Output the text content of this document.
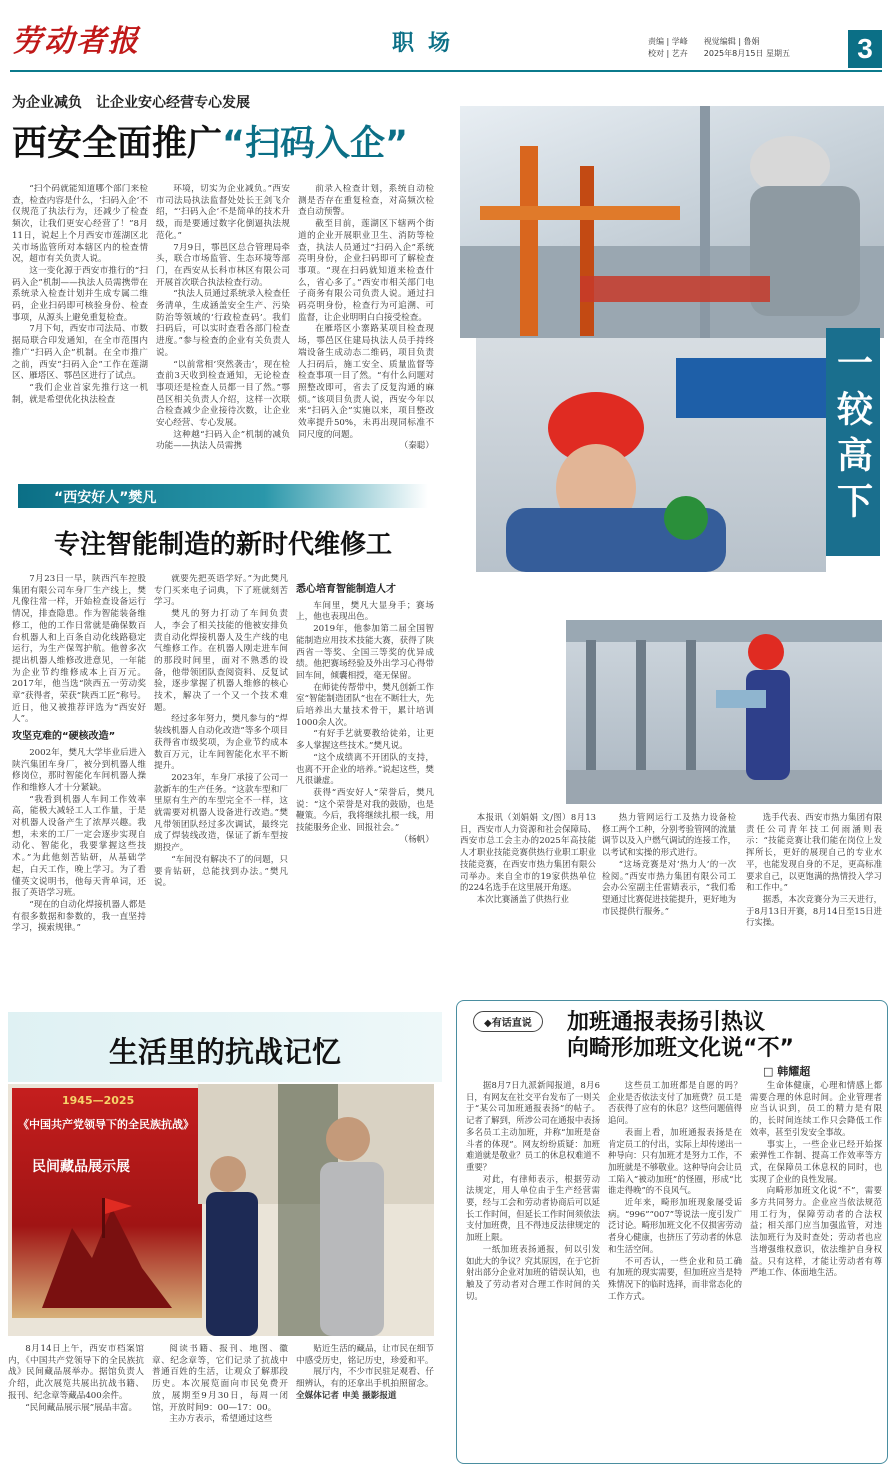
劳动者报	职场	责编 | 学峰　　视觉编辑 | 鲁娟
校对 | 艺卉　　2025年8月15日 星期五	3
为企业减负　让企业安心经营专心发展
西安全面推广“扫码入企”

“扫个码就能知道哪个部门来检查，检查内容是什么，‘扫码入企’不仅规范了执法行为，还减少了检查频次，让我们更安心经营了！”8月11日，说起上个月西安市莲湖区北关市场监管所对本辖区内的检查情况，超市有关负责人说。

这一变化源于西安市推行的“扫码入企”机制——执法人员需携带在系统录入检查计划并生成专属二维码，企业扫码即可核验身份、检查事项，从源头上避免重复检查。

7月下旬，西安市司法局、市数据局联合印发通知，在全市范围内推广“扫码入企”机制。在全市推广之前，西安“扫码入企”工作在莲湖区、雁塔区、鄠邑区进行了试点。

“我们企业首家先推行这一机制，就是希望优化执法检查

环境，切实为企业减负。”西安市司法局执法监督处处长王剑飞介绍，“‘扫码入企’不是简单的技术升级，而是要通过数字化倒逼执法规范化。”

7月9日，鄠邑区总合管理局牵头，联合市场监管、生态环境等部门，在西安从长科市林区有限公司开展首次联合执法检查行动。

“执法人员通过系统录入检查任务清单，生成涵盖安全生产、污染防治等领域的‘行政检查码’。我们扫码后，可以实时查看各部门检查进度。”参与检查的企业有关负责人说。

“以前常相‘突然袭击’，现在检查前3天收到检查通知，无论检查事项还是检查人员都一目了然。”鄠邑区相关负责人介绍，这样一次联合检查减少企业接待次数，让企业安心经营、专心发展。

这种越“扫码入企”机制的减负功能——执法人员需携

前录入检查计划，系统自动检测是否存在重复检查，对高频次检查自动预警。

截至目前，莲湖区下辖两个街道的企业开展职业卫生、消防等检查，执法人员通过“扫码入企”系统亮明身份，企业扫码即可了解检查事项。“现在扫码就知道来检查什么，省心多了。”西安市相关部门电子商务有限公司负责人说。通过扫码亮明身份，检查行为可追溯、可监督，让企业明明白白接受检查。

在雁塔区小寨路某项目检查现场，鄠邑区住建局执法人员手持终端设备生成动态二维码，项目负责人扫码后，施工安全、质量监督等检查事项一目了然。“有什么问题对照整改即可，省去了反复沟通的麻烦。”该项目负责人说，西安今年以来“扫码入企”实施以来，项目整改效率提升50%，未再出现同标准不同尺度的问题。

（秦聪）

“西安好人”樊凡
专注智能制造的新时代维修工

7月23日一早，陕西汽车控股集团有限公司车身厂生产线上，樊凡像往常一样，开始检查设备运行情况，排查隐患。作为智能装备维修工，他的工作日常就是确保数百台机器人和上百条自动化线路稳定运行，为生产保驾护航。他曾多次提出机器人维修改进意见，一年能为企业节约维修成本上百万元。2017年，他当选“陕西五一劳动奖章”获得者，荣获“陕西工匠”称号。近日，他又被推荐评选为“西安好人”。

攻坚克难的“硬核改造”

2002年，樊凡大学毕业后进入陕汽集团车身厂，被分到机器人维修岗位，那时智能化车间机器人操作和维修人才十分紧缺。

“我看到机器人车间工作效率高，能极大减轻工人工作量，于是对机器人设备产生了浓厚兴趣。我想，未来的工厂一定会逐步实现自动化、智能化，我要掌握这些技术。”为此他刻苦钻研，从基础学起，白天工作，晚上学习。为了看懂英文说明书，他每天背单词，还报了英语学习班。

“现在的自动化焊接机器人都是有很多数据和参数的，我一直坚持学习，摸索规律。”

就要先把英语学好。”为此樊凡专门买来电子词典，下了班就刻苦学习。

樊凡的努力打动了车间负责人，李会了相关技能的他被安排负责自动化焊接机器人及生产线的电气维修工作。在机器人刚走进车间的那段时间里，面对不熟悉的设备，他带领团队查阅资料、反复试验，逐步掌握了机器人维修的核心技术，解决了一个又一个技术难题。

经过多年努力，樊凡参与的“焊装线机器人自动化改造”等多个项目获得省市级奖项，为企业节约成本数百万元，让车间智能化水平不断提升。

2023年，车身厂承接了公司一款新车的生产任务。“这款车型和厂里原有生产的车型完全不一样，这就需要对机器人设备进行改造。”樊凡带领团队经过多次调试，最终完成了焊装线改造，保证了新车型按期投产。

“车间没有解决不了的问题，只要肯钻研，总能找到办法。”樊凡说。

悉心培育智能制造人才

车间里，樊凡大显身手；赛场上，他也表现出色。

2019年，他参加第二届全国智能制造应用技术技能大赛，获得了陕西省一等奖、全国三等奖的优异成绩。他把赛场经验及外出学习心得带回车间，倾囊相授，毫无保留。

在师徒传帮带中，樊凡创新工作室“智能制造团队”也在不断壮大，先后培养出大量技术骨干，累计培训1000余人次。

“有好手艺就要教给徒弟，让更多人掌握这些技术。”樊凡说。

“这个成绩离不开团队的支持，也离不开企业的培养。”说起这些，樊凡很谦虚。

获得“西安好人”荣誉后，樊凡说：“这个荣誉是对我的鼓励，也是鞭策。今后，我将继续扎根一线，用技能服务企业、回报社会。”

（杨帆）

一较高下

本报讯（刘娟娟 文/图）8月13日，西安市人力资源和社会保障局、西安市总工会主办的2025年高技能人才职业技能竞赛供热行业职工职业技能竞赛，在西安市热力集团有限公司举办。来自全市的19家供热单位的224名选手在这里展开角逐。

本次比赛涵盖了供热行业

热力管网运行工及热力设备检修工两个工种，分别考验管网的流量调节以及入户燃气调试的连接工作，以考试和实操的形式进行。

“这场竞赛是对‘热力人’的一次检阅。”西安市热力集团有限公司工会办公室副主任雷婧表示，“我们希望通过比赛促进技能提升，更好地为市民提供行服务。”

选手代表、西安市热力集团有限责任公司青年技工何雨涵则表示：“技能竞赛让我们能在岗位上发挥所长，更好的展现自己的专业水平，也能发现自身的不足，更高标准要求自己，以更饱满的热情投入学习和工作中。”

据悉，本次竞赛分为三天进行，于8月13日开赛，8月14日至15日进行实操。

生活里的抗战记忆
1945—2025
《中国共产党领导下的全民族抗战》
民间藏品展示展

8月14日上午，西安市档案馆内，《中国共产党领导下的全民族抗战》民间藏品展举办。据馆负责人介绍，此次展览共展出抗战书籍、报刊、纪念章等藏品400余件。

“民间藏品展示展”展品丰富。

阅读书籍、报刊、地图、徽章、纪念章等，它们记录了抗战中普通百姓的生活，让观众了解那段历史。本次展览面向市民免费开放，展期至9月30日，每周一闭馆，开放时间9：00—17：00。

主办方表示，希望通过这些

贴近生活的藏品，让市民在细节中感受历史，铭记历史，珍爱和平。

展厅内，不少市民驻足观看、仔细辨认，有的还拿出手机拍照留念。

全媒体记者 申美 摄影报道

◆有话直说	加班通报表扬引热议
向畸形加班文化说“不”
□ 韩耀超

据8月7日九派新闻报道，8月6日，有网友在社交平台发布了一则关于“某公司加班通报表扬”的帖子。记者了解到，所涉公司在通报中表扬多名员工主动加班，并称“加班是奋斗者的体现”。网友纷纷质疑：加班难道就是敬业？员工的休息权难道不重要？

对此，有律师表示，根据劳动法规定，用人单位由于生产经营需要，经与工会和劳动者协商后可以延长工作时间，但延长工作时间须依法支付加班费，且不得违反法律规定的加班上限。

一纸加班表扬通报，何以引发如此大的争议？究其原因，在于它折射出部分企业对加班的错误认知，也触及了劳动者对合理工作时间的关切。

这些员工加班都是自愿的吗？企业是否依法支付了加班费？员工是否获得了应有的休息？这些问题值得追问。

表面上看，加班通报表扬是在肯定员工的付出，实际上却传递出一种导向：只有加班才是努力工作，不加班就是不够敬业。这种导向会让员工陷入“被动加班”的怪圈，形成“比谁走得晚”的不良风气。

近年来，畸形加班现象屡受诟病。“996”“007”等说法一度引发广泛讨论。畸形加班文化不仅损害劳动者身心健康，也挤压了劳动者的休息和生活空间。

不可否认，一些企业和员工确有加班的现实需要，但加班应当是特殊情况下的临时选择，而非常态化的工作方式。

生命体健康，心理和情感上都需要合理的休息时间。企业管理者应当认识到，员工的精力是有限的，长时间连续工作只会降低工作效率，甚至引发安全事故。

事实上，一些企业已经开始探索弹性工作制、提高工作效率等方式，在保障员工休息权的同时，也实现了企业的良性发展。

向畸形加班文化说“不”，需要多方共同努力。企业应当依法规范用工行为，保障劳动者的合法权益；相关部门应当加强监管，对违法加班行为及时查处；劳动者也应当增强维权意识，依法维护自身权益。只有这样，才能让劳动者有尊严地工作、体面地生活。
